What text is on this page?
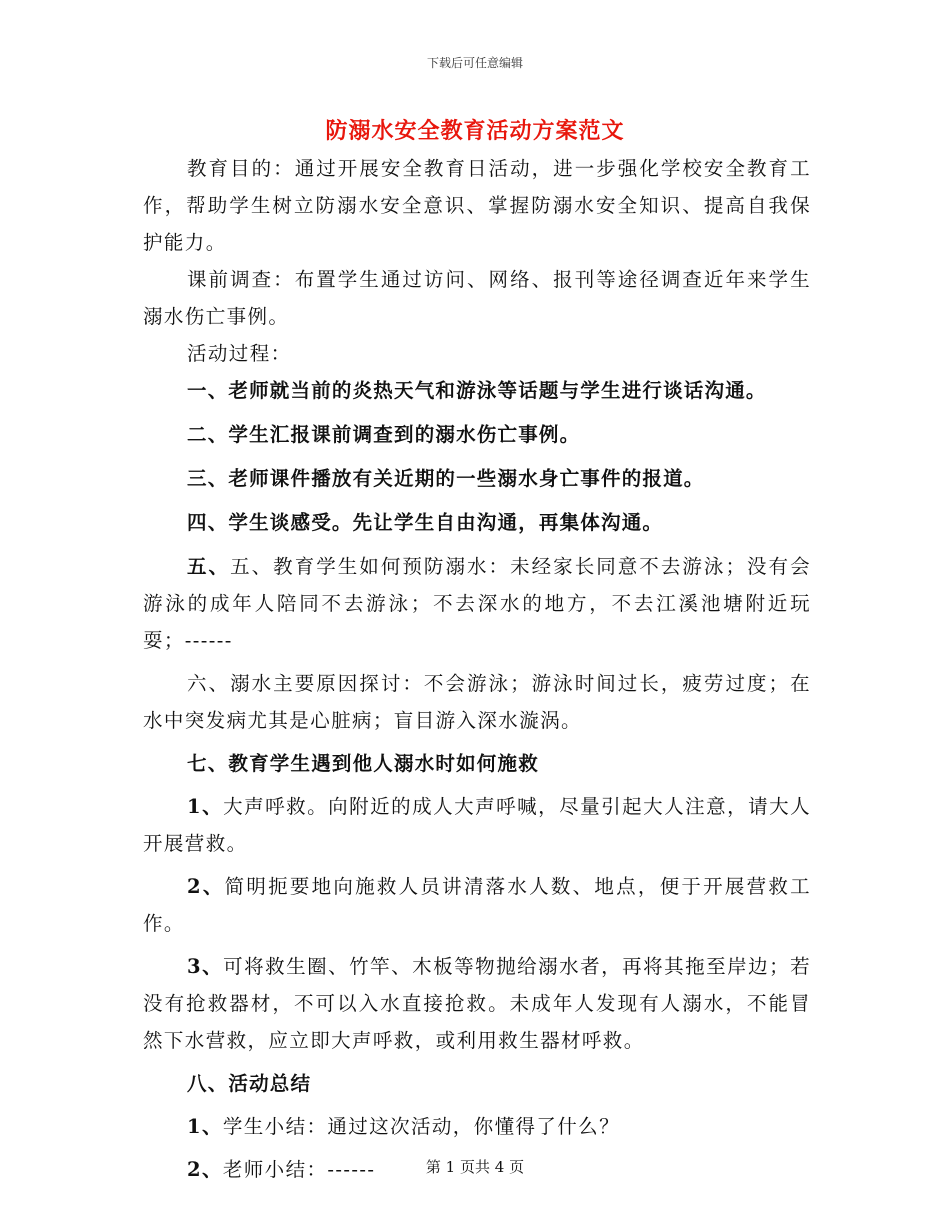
下载后可任意编辑
防溺水安全教育活动方案范文

教育目的：通过开展安全教育日活动，进一步强化学校安全教育工作，帮助学生树立防溺水安全意识、掌握防溺水安全知识、提高自我保护能力。

课前调查：布置学生通过访问、网络、报刊等途径调查近年来学生溺水伤亡事例。

活动过程：

一、老师就当前的炎热天气和游泳等话题与学生进行谈话沟通。

二、学生汇报课前调查到的溺水伤亡事例。

三、老师课件播放有关近期的一些溺水身亡事件的报道。

四、学生谈感受。先让学生自由沟通，再集体沟通。

五、五、教育学生如何预防溺水：未经家长同意不去游泳；没有会游泳的成年人陪同不去游泳；不去深水的地方，不去江溪池塘附近玩耍；------

六、溺水主要原因探讨：不会游泳；游泳时间过长，疲劳过度；在水中突发病尤其是心脏病；盲目游入深水漩涡。

七、教育学生遇到他人溺水时如何施救

1、大声呼救。向附近的成人大声呼喊，尽量引起大人注意，请大人开展营救。

2、简明扼要地向施救人员讲清落水人数、地点，便于开展营救工作。

3、可将救生圈、竹竿、木板等物抛给溺水者，再将其拖至岸边；若没有抢救器材，不可以入水直接抢救。未成年人发现有人溺水，不能冒然下水营救，应立即大声呼救，或利用救生器材呼救。

八、活动总结

1、学生小结：通过这次活动，你懂得了什么？

2、老师小结：------	第 1 页共 4 页
